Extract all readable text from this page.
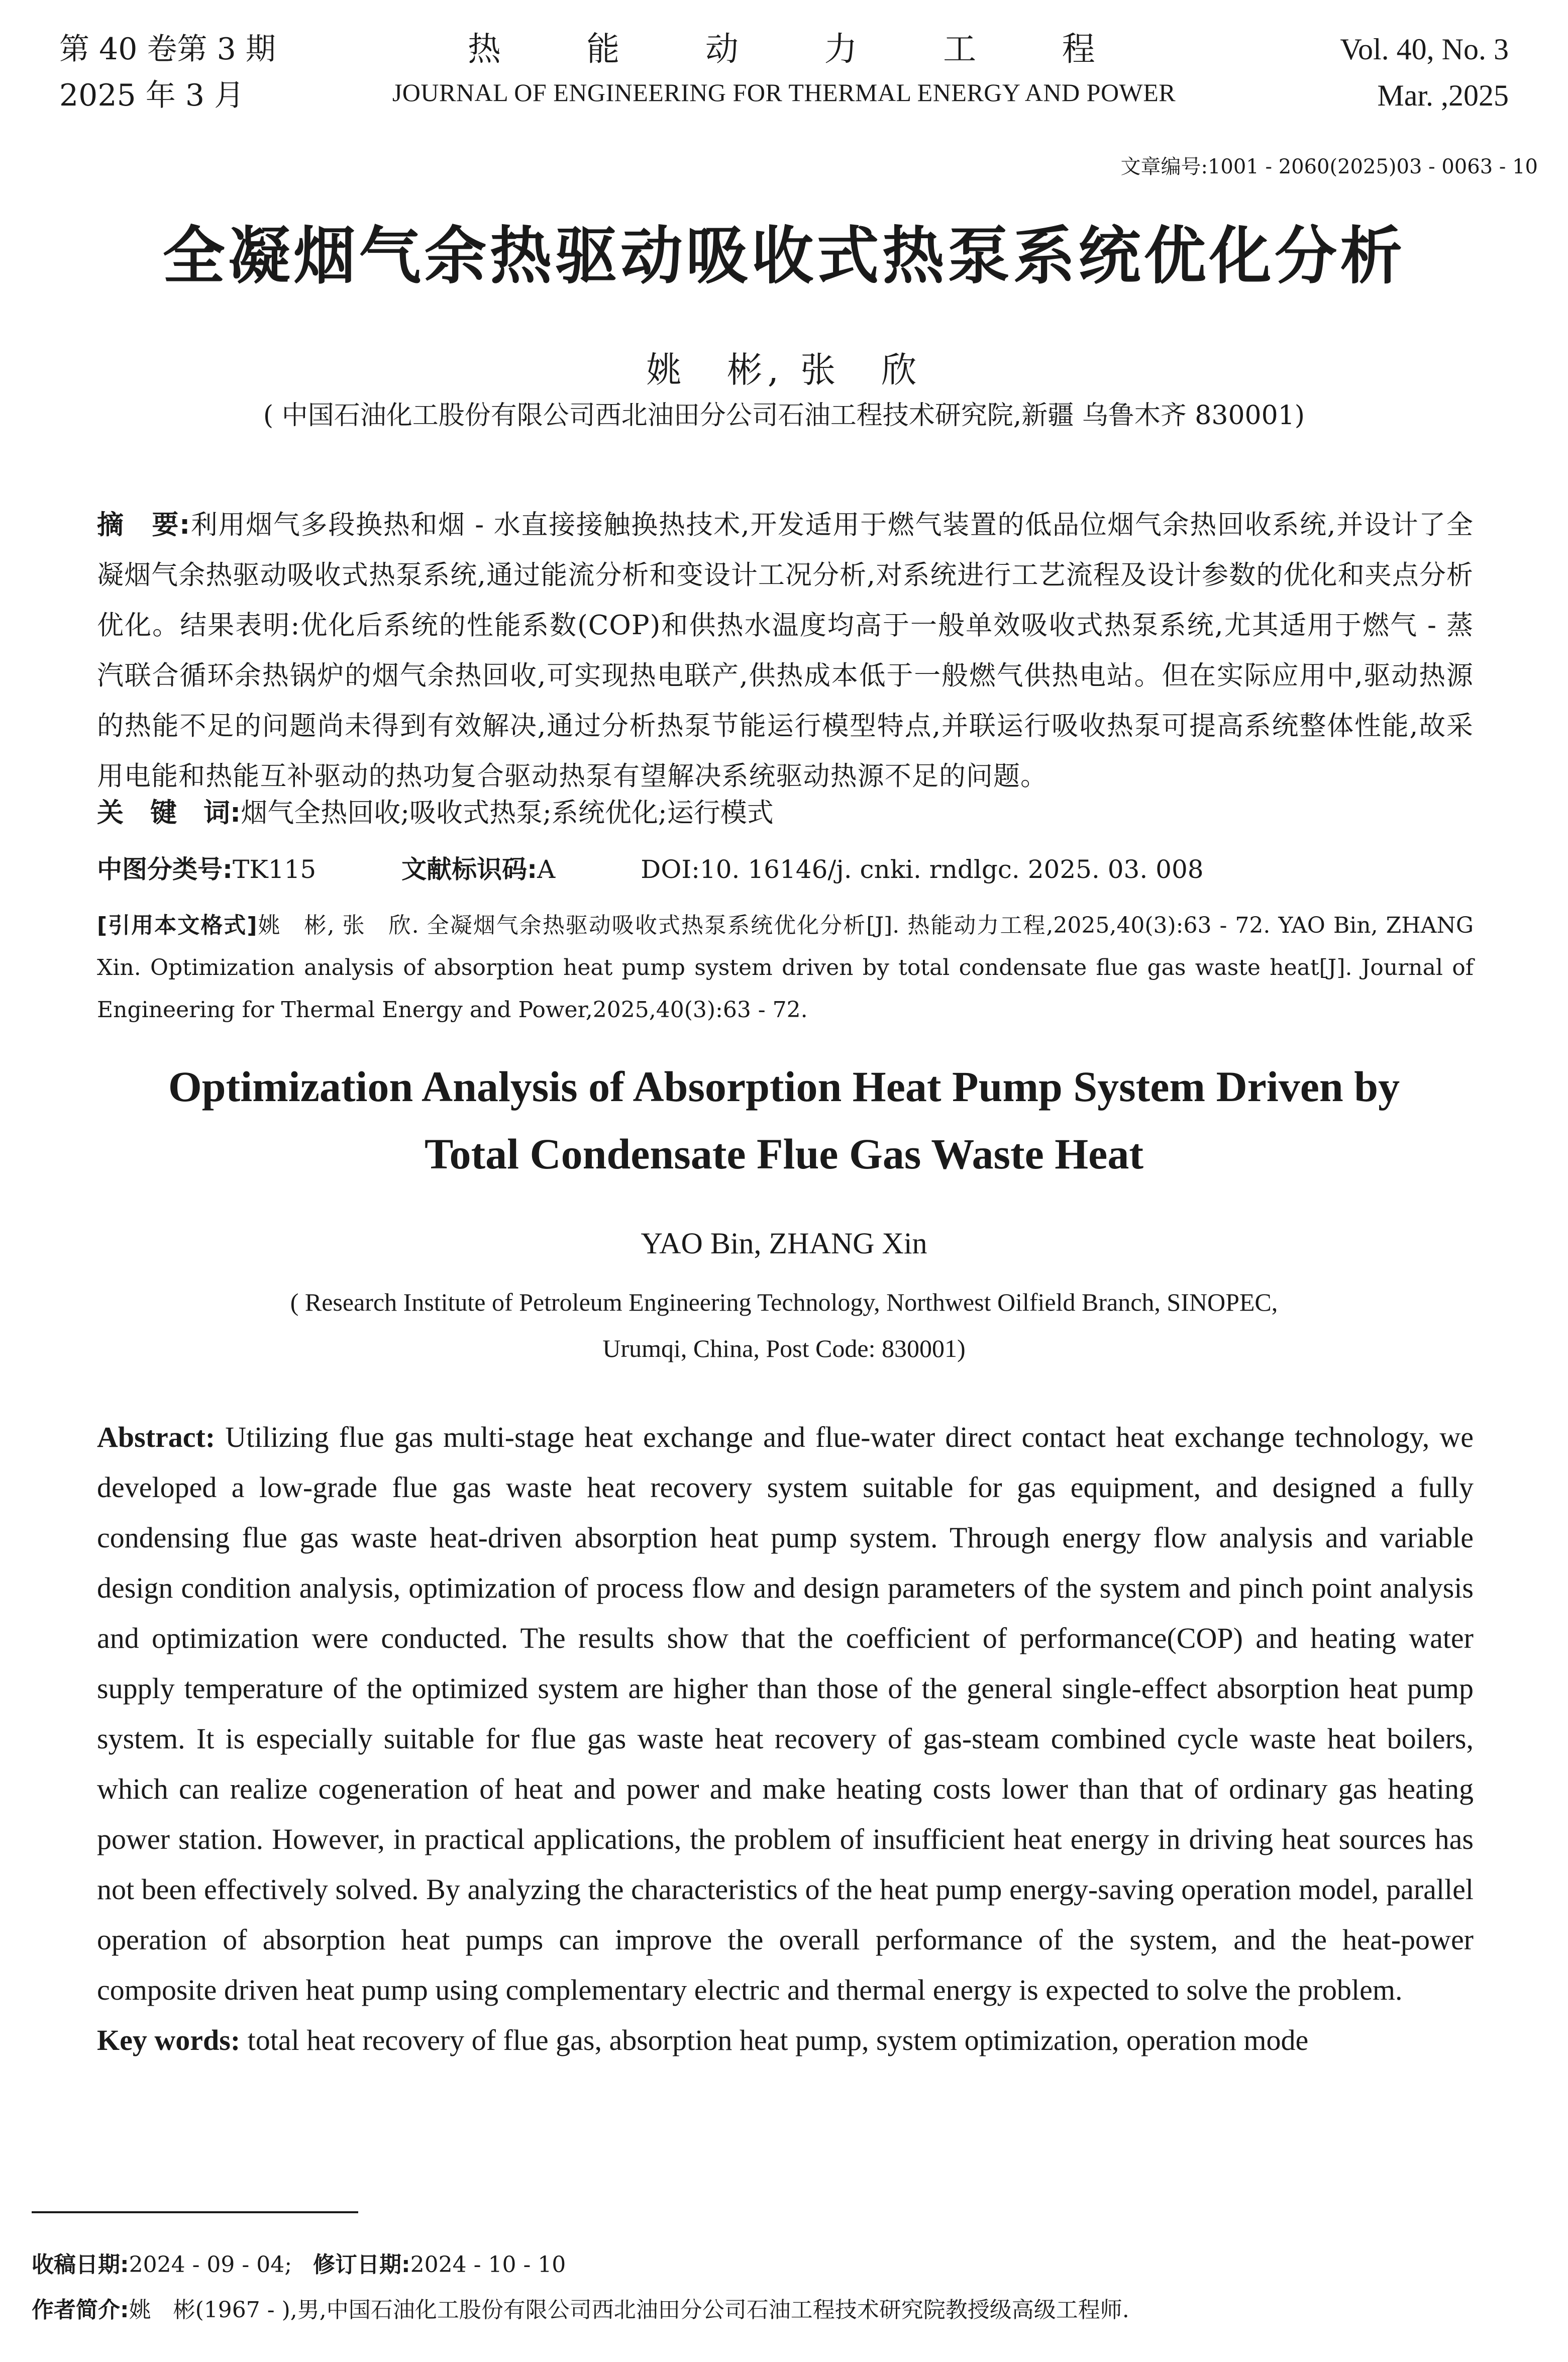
第 40 卷第 3 期
2025 年 3 月
热 能 动 力 工 程
JOURNAL OF ENGINEERING FOR THERMAL ENERGY AND POWER
Vol. 40, No. 3
Mar. ,2025
文章编号:1001 - 2060(2025)03 - 0063 - 10
全凝烟气余热驱动吸收式热泵系统优化分析
姚　彬, 张　欣
( 中国石油化工股份有限公司西北油田分公司石油工程技术研究院,新疆 乌鲁木齐 830001)
摘　要:利用烟气多段换热和烟 - 水直接接触换热技术,开发适用于燃气装置的低品位烟气余热回收系统,并设计了全凝烟气余热驱动吸收式热泵系统,通过能流分析和变设计工况分析,对系统进行工艺流程及设计参数的优化和夹点分析优化。结果表明:优化后系统的性能系数(COP)和供热水温度均高于一般单效吸收式热泵系统,尤其适用于燃气 - 蒸汽联合循环余热锅炉的烟气余热回收,可实现热电联产,供热成本低于一般燃气供热电站。但在实际应用中,驱动热源的热能不足的问题尚未得到有效解决,通过分析热泵节能运行模型特点,并联运行吸收热泵可提高系统整体性能,故采用电能和热能互补驱动的热功复合驱动热泵有望解决系统驱动热源不足的问题。
关　键　词:烟气全热回收;吸收式热泵;系统优化;运行模式
中图分类号:TK115	文献标识码:A	DOI:10. 16146/j. cnki. rndlgc. 2025. 03. 008
[引用本文格式]姚　彬, 张　欣. 全凝烟气余热驱动吸收式热泵系统优化分析[J]. 热能动力工程,2025,40(3):63 - 72. YAO Bin, ZHANG Xin. Optimization analysis of absorption heat pump system driven by total condensate flue gas waste heat[J]. Journal of Engineering for Thermal Energy and Power,2025,40(3):63 - 72.
Optimization Analysis of Absorption Heat Pump System Driven by
Total Condensate Flue Gas Waste Heat
YAO Bin, ZHANG Xin
( Research Institute of Petroleum Engineering Technology, Northwest Oilfield Branch, SINOPEC,
Urumqi, China, Post Code: 830001)
Abstract: Utilizing flue gas multi-stage heat exchange and flue-water direct contact heat exchange technology, we developed a low-grade flue gas waste heat recovery system suitable for gas equipment, and designed a fully condensing flue gas waste heat-driven absorption heat pump system. Through energy flow analysis and variable design condition analysis, optimization of process flow and design parameters of the system and pinch point analysis and optimization were conducted. The results show that the coefficient of performance(COP) and heating water supply temperature of the optimized system are higher than those of the general single-effect absorption heat pump system. It is especially suitable for flue gas waste heat recovery of gas-steam combined cycle waste heat boilers, which can realize cogeneration of heat and power and make heating costs lower than that of ordinary gas heating power station. However, in practical applications, the problem of insufficient heat energy in driving heat sources has not been effectively solved. By analyzing the characteristics of the heat pump energy-saving operation model, parallel operation of absorption heat pumps can improve the overall performance of the system, and the heat-power composite driven heat pump using complementary electric and thermal energy is expected to solve the problem.
Key words: total heat recovery of flue gas, absorption heat pump, system optimization, operation mode
收稿日期:2024 - 09 - 04; 修订日期:2024 - 10 - 10
作者简介:姚　彬(1967 - ),男,中国石油化工股份有限公司西北油田分公司石油工程技术研究院教授级高级工程师.
